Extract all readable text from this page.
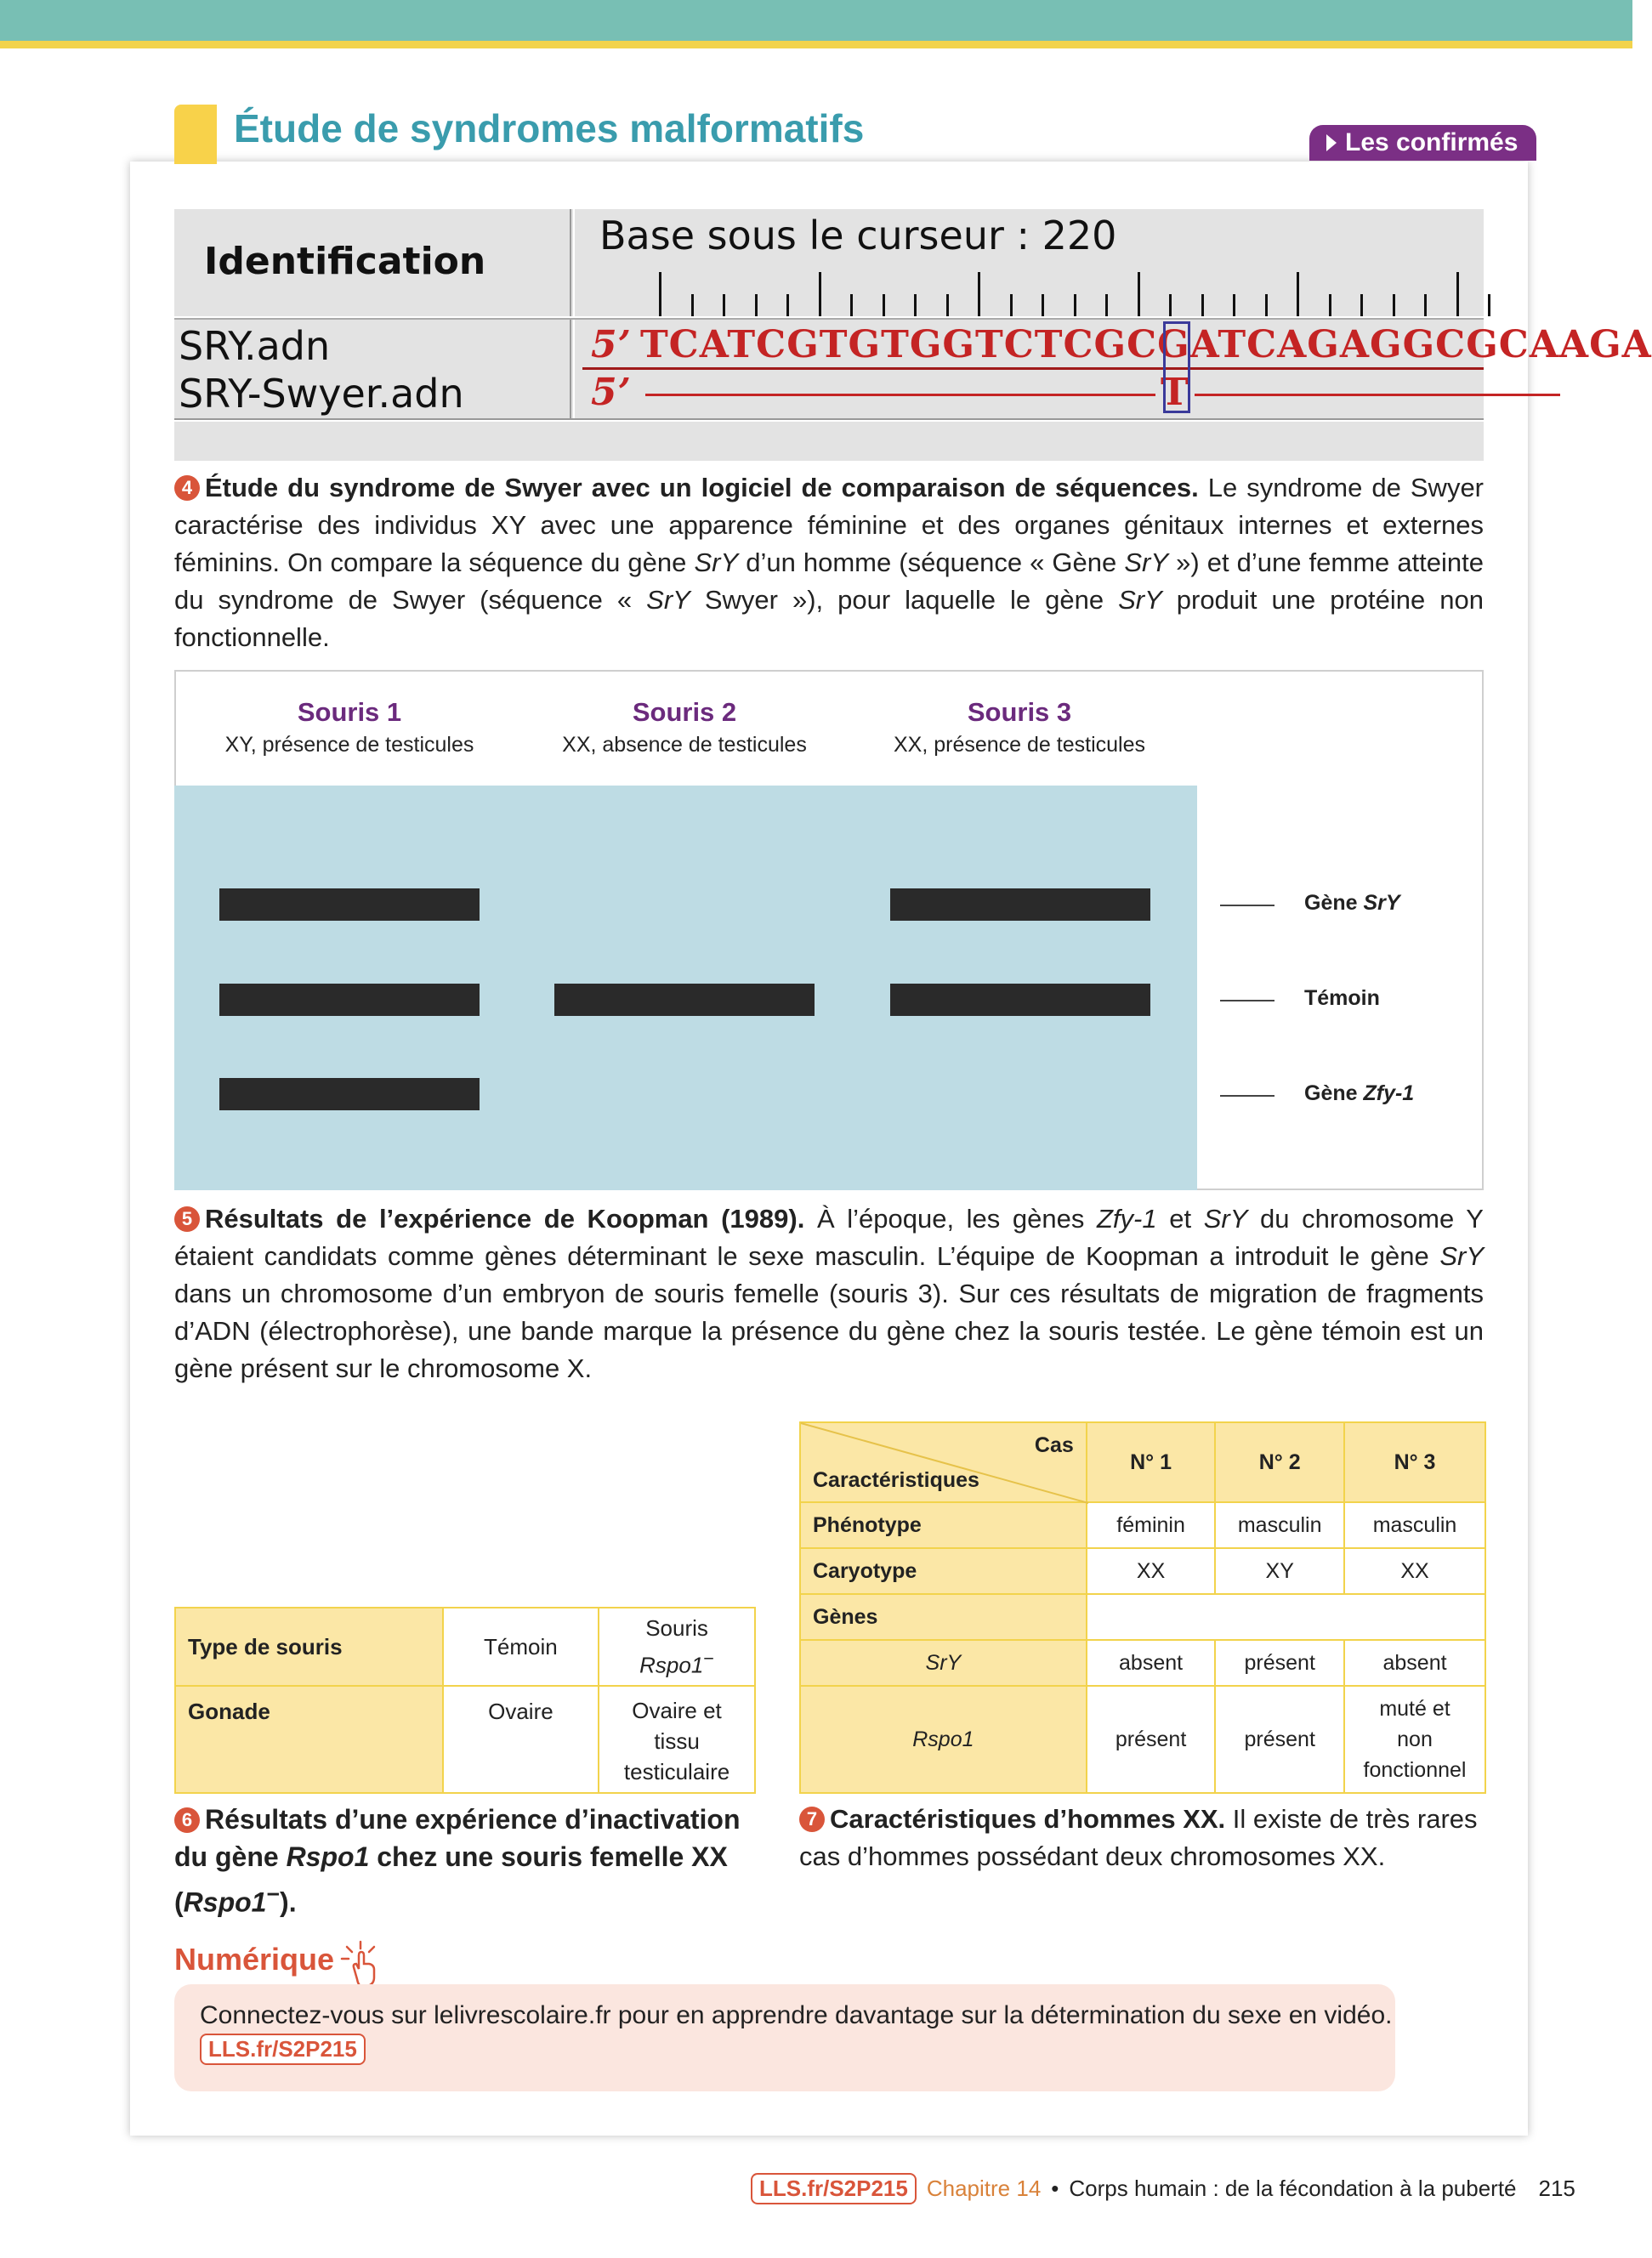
Étude de syndromes malformatifs	Les confirmés
Identification
Base sous le curseur : 220
SRY.adn
SRY-Swyer.adn
5’ TCATCGTGTGGTCTCGCGATCAGAGGCGCAAGA
5’	T

4 Étude du syndrome de Swyer avec un logiciel de comparaison de séquences. Le syndrome de Swyer caractérise des individus XY avec une apparence féminine et des organes génitaux internes et externes féminins. On compare la séquence du gène SrY d’un homme (séquence « Gène SrY ») et d’une femme atteinte du syndrome de Swyer (séquence « SrY Swyer »), pour laquelle le gène SrY produit une protéine non fonctionnelle.

Souris 1
XY, présence de testicules
Souris 2
XX, absence de testicules
Souris 3
XX, présence de testicules
Gène SrY
Témoin
Gène Zfy-1

5 Résultats de l’expérience de Koopman (1989). À l’époque, les gènes Zfy-1 et SrY du chromosome Y étaient candidats comme gènes déterminant le sexe masculin. L’équipe de Koopman a introduit le gène SrY dans un chromosome d’un embryon de souris femelle (souris 3). Sur ces résultats de migration de fragments d’ADN (électrophorèse), une bande marque la présence du gène chez la souris testée. Le gène témoin est un gène présent sur le chromosome X.

Type de souris	Témoin	Souris
Rspo1−
Gonade	Ovaire	Ovaire et tissu testiculaire

6 Résultats d’une expérience d’inactivation du gène Rspo1 chez une souris femelle XX (Rspo1−).

Cas
Caractéristiques	N° 1	N° 2	N° 3
Phénotype	féminin	masculin	masculin
Caryotype	XX	XY	XX
Gènes			
SrY	absent	présent	absent
Rspo1	présent	présent	muté et non fonctionnel

7 Caractéristiques d’hommes XX. Il existe de très rares cas d’hommes possédant deux chromosomes XX.

Numérique
Connectez-vous sur lelivrescolaire.fr pour en apprendre davantage sur la détermination du sexe en vidéo.
LLS.fr/S2P215
LLS.fr/S2P215 Chapitre 14 • Corps humain : de la fécondation à la puberté 215
